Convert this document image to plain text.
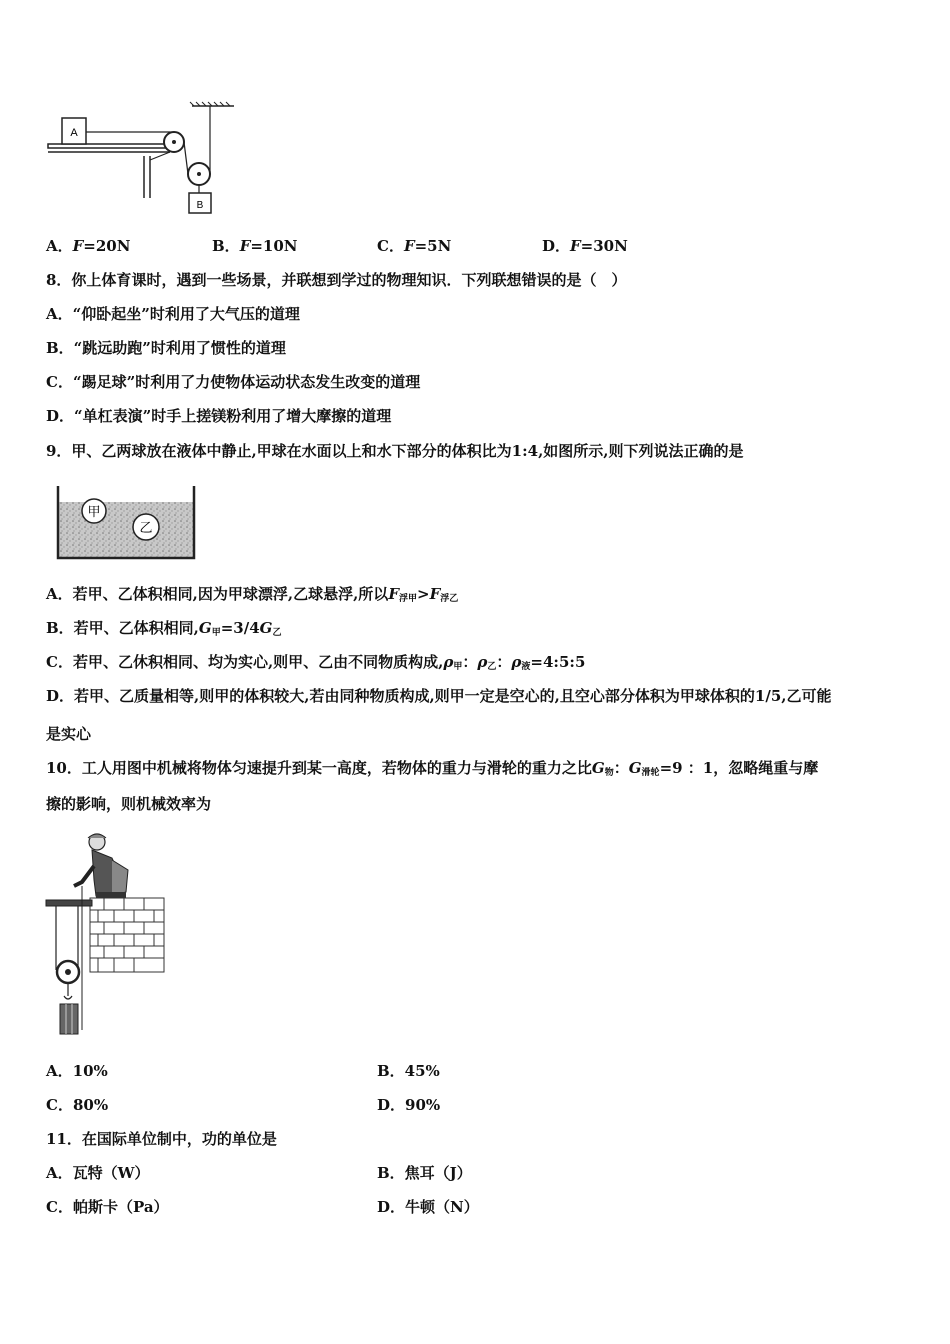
A
B
A．F=20N	B．F=10N	C．F=5N	D．F=30N
8．你上体育课时，遇到一些场景，并联想到学过的物理知识．下列联想错误的是（　）
A．“仰卧起坐”时利用了大气压的道理
B．“跳远助跑”时利用了惯性的道理
C．“踢足球”时利用了力使物体运动状态发生改变的道理
D．“单杠表演”时手上搓镁粉利用了增大摩擦的道理
9．甲、乙两球放在液体中静止,甲球在水面以上和水下部分的体积比为1:4,如图所示,则下列说法正确的是
甲
乙
A．若甲、乙体积相同,因为甲球漂浮,乙球悬浮,所以$F_{浮甲}>F_{浮乙}$
B．若甲、乙体积相同$,G_甲=3/4G_乙$
C．若甲、乙休积相同、均为实心,则甲、乙由不同物质构成$,\rho_甲$：$\rho_乙$：$\rho_液=4:5:5$
D．若甲、乙质量相等,则甲的体积较大,若由同种物质构成,则甲一定是空心的,且空心部分体积为甲球体积的1/5,乙可能
是实心
10．工人用图中机械将物体匀速提升到某一高度，若物体的重力与滑轮的重力之比$G_物$：$G_{滑轮}=9$ ：1，忽略绳重与摩
擦的影响，则机械效率为
A．10%	B．45%
C．80%	D．90%
11．在国际单位制中，功的单位是
A．瓦特（W）	B．焦耳（J）
C．帕斯卡（Pa）	D．牛顿（N）
